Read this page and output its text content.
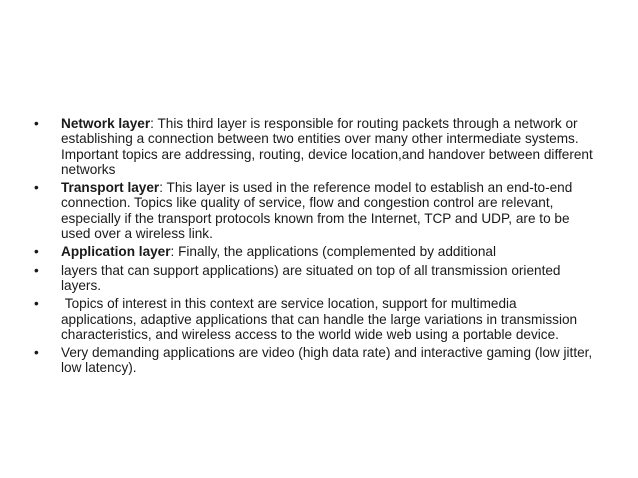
• Network layer: This third layer is responsible for routing packets through a network or establishing a connection between two entities over many other intermediate systems. Important topics are addressing, routing, device location,and handover between different networks
• Transport layer: This layer is used in the reference model to establish an end-to-end connection. Topics like quality of service, flow and congestion control are relevant, especially if the transport protocols known from the Internet, TCP and UDP, are to be used over a wireless link.
• Application layer: Finally, the applications (complemented by additional
• layers that can support applications) are situated on top of all transmission oriented layers.
• Topics of interest in this context are service location, support for multimedia applications, adaptive applications that can handle the large variations in transmission characteristics, and wireless access to the world wide web using a portable device.
• Very demanding applications are video (high data rate) and interactive gaming (low jitter, low latency).
